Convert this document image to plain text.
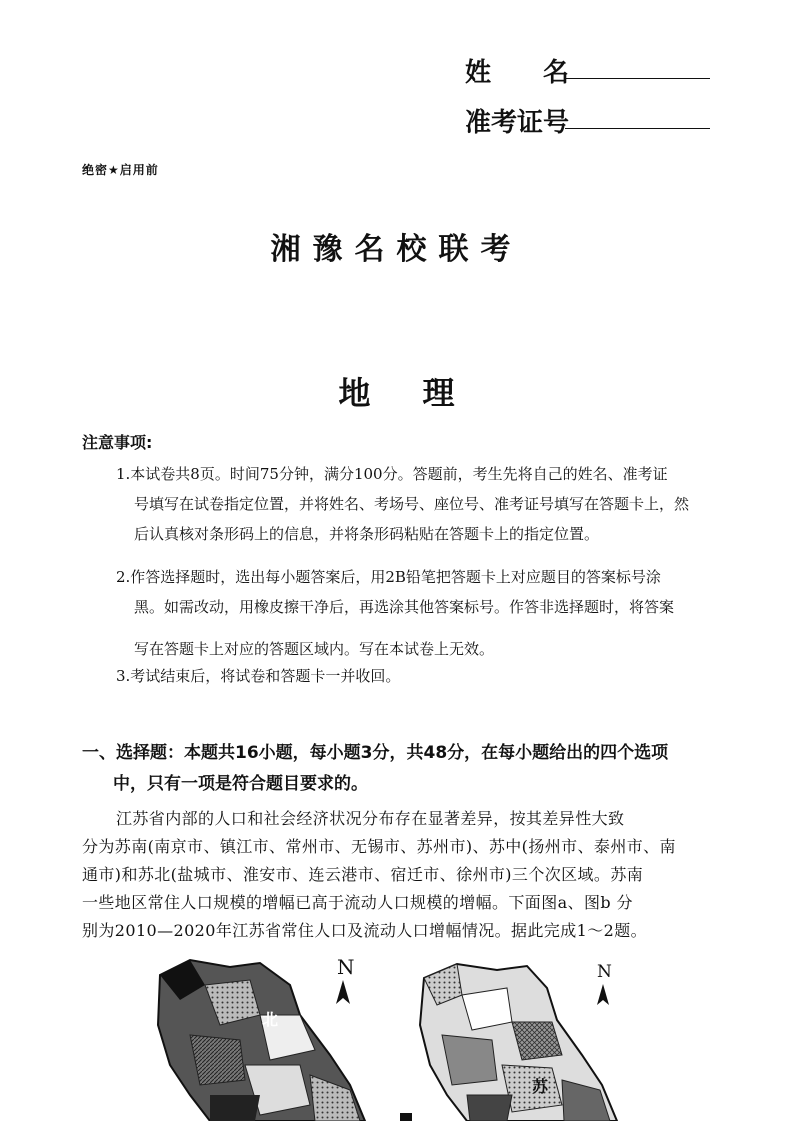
姓　　名
准考证号
绝密★启用前
湘豫名校联考
地 理
注意事项:
1.本试卷共8页。时间75分钟，满分100分。答题前，考生先将自己的姓名、准考证
号填写在试卷指定位置，并将姓名、考场号、座位号、准考证号填写在答题卡上，然
后认真核对条形码上的信息，并将条形码粘贴在答题卡上的指定位置。
2.作答选择题时，选出每小题答案后，用2B铅笔把答题卡上对应题目的答案标号涂
黑。如需改动，用橡皮擦干净后，再选涂其他答案标号。作答非选择题时，将答案
写在答题卡上对应的答题区域内。写在本试卷上无效。
3.考试结束后，将试卷和答题卡一并收回。
一、选择题：本题共16小题，每小题3分，共48分，在每小题给出的四个选项
中，只有一项是符合题目要求的。
江苏省内部的人口和社会经济状况分布存在显著差异，按其差异性大致
分为苏南(南京市、镇江市、常州市、无锡市、苏州市)、苏中(扬州市、泰州市、南
通市)和苏北(盐城市、淮安市、连云港市、宿迁市、徐州市)三个次区域。苏南
一些地区常住人口规模的增幅已高于流动人口规模的增幅。下面图a、图b 分
别为2010—2020年江苏省常住人口及流动人口增幅情况。据此完成1～2题。
北
N
苏
N
